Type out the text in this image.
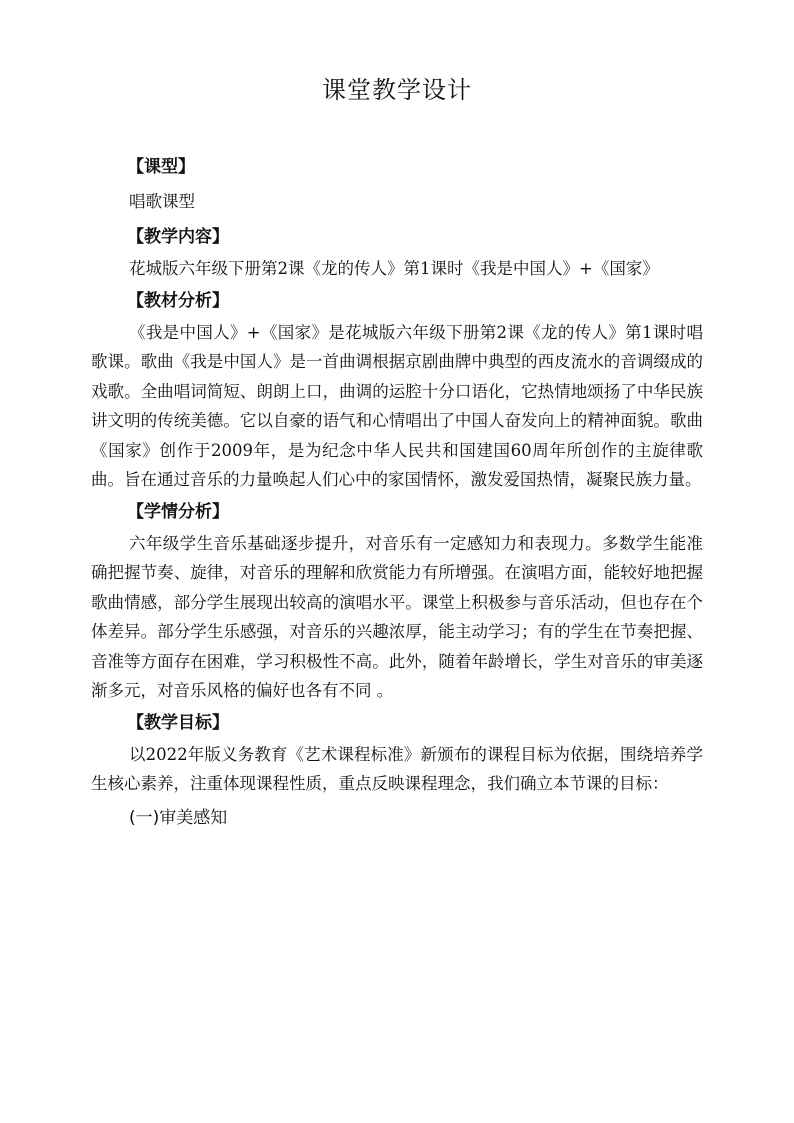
课堂教学设计
【课型】
唱歌课型
【教学内容】

花城版六年级下册第2课《龙的传人》第1课时《我是中国人》+《国家》

【教材分析】

《我是中国人》+《国家》是花城版六年级下册第2课《龙的传人》第1课时唱歌课。歌曲《我是中国人》是一首曲调根据京剧曲牌中典型的西皮流水的音调缀成的戏歌。全曲唱词简短、朗朗上口，曲调的运腔十分口语化，它热情地颂扬了中华民族讲文明的传统美德。它以自豪的语气和心情唱出了中国人奋发向上的精神面貌。歌曲《国家》创作于2009年，是为纪念中华人民共和国建国60周年所创作的主旋律歌曲。旨在通过音乐的力量唤起人们心中的家国情怀，激发爱国热情，凝聚民族力量。

【学情分析】

六年级学生音乐基础逐步提升，对音乐有一定感知力和表现力。多数学生能准确把握节奏、旋律，对音乐的理解和欣赏能力有所增强。在演唱方面，能较好地把握歌曲情感，部分学生展现出较高的演唱水平。课堂上积极参与音乐活动，但也存在个体差异。部分学生乐感强，对音乐的兴趣浓厚，能主动学习；有的学生在节奏把握、音准等方面存在困难，学习积极性不高。此外，随着年龄增长，学生对音乐的审美逐渐多元，对音乐风格的偏好也各有不同 。

【教学目标】

以2022年版义务教育《艺术课程标准》新颁布的课程目标为依据，围绕培养学生核心素养，注重体现课程性质，重点反映课程理念，我们确立本节课的目标：

(一)审美感知
